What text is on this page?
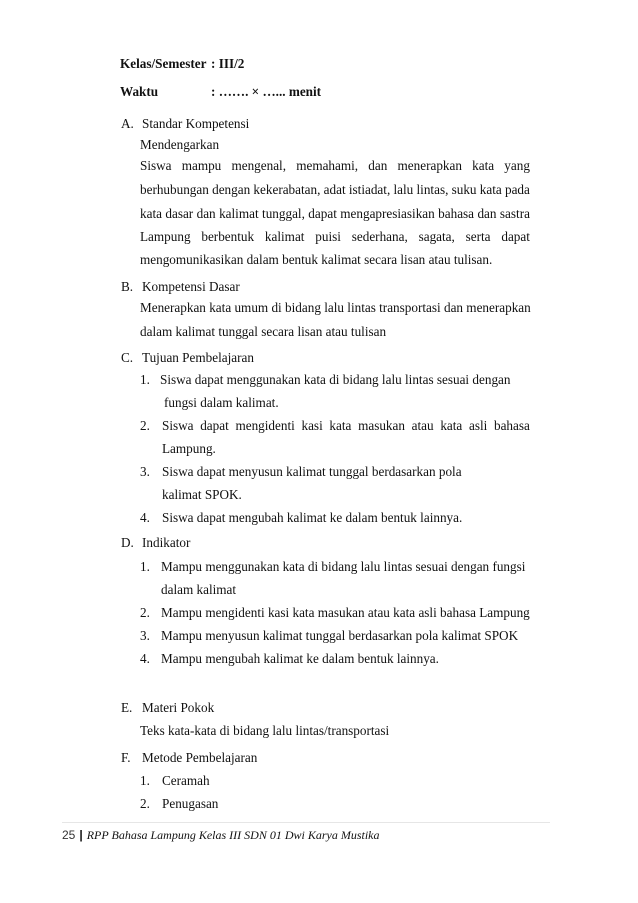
Kelas/Semester : III/2
Waktu	: ……. × …... menit
A. Standar Kompetensi
Mendengarkan
Siswa mampu mengenal, memahami, dan menerapkan kata yang
berhubungan dengan kekerabatan, adat istiadat, lalu lintas, suku kata pada
kata dasar dan kalimat tunggal, dapat mengapresiasikan bahasa dan sastra
Lampung berbentuk kalimat puisi sederhana, sagata, serta dapat
mengomunikasikan dalam bentuk kalimat secara lisan atau tulisan.
B. Kompetensi Dasar
Menerapkan kata umum di bidang lalu lintas transportasi dan menerapkan
dalam kalimat tunggal secara lisan atau tulisan
C. Tujuan Pembelajaran
1. Siswa dapat menggunakan kata di bidang lalu lintas sesuai dengan
fungsi dalam kalimat.
2. Siswa dapat mengidenti kasi kata masukan atau kata asli bahasa
Lampung.
3. Siswa dapat menyusun kalimat tunggal berdasarkan pola
kalimat SPOK.
4. Siswa dapat mengubah kalimat ke dalam bentuk lainnya.
D. Indikator
1. Mampu menggunakan kata di bidang lalu lintas sesuai dengan fungsi
dalam kalimat
2. Mampu mengidenti kasi kata masukan atau kata asli bahasa Lampung
3. Mampu menyusun kalimat tunggal berdasarkan pola kalimat SPOK
4. Mampu mengubah kalimat ke dalam bentuk lainnya.
E. Materi Pokok
Teks kata-kata di bidang lalu lintas/transportasi
F. Metode Pembelajaran
1. Ceramah
2. Penugasan
25 | RPP Bahasa Lampung Kelas III SDN 01 Dwi Karya Mustika
